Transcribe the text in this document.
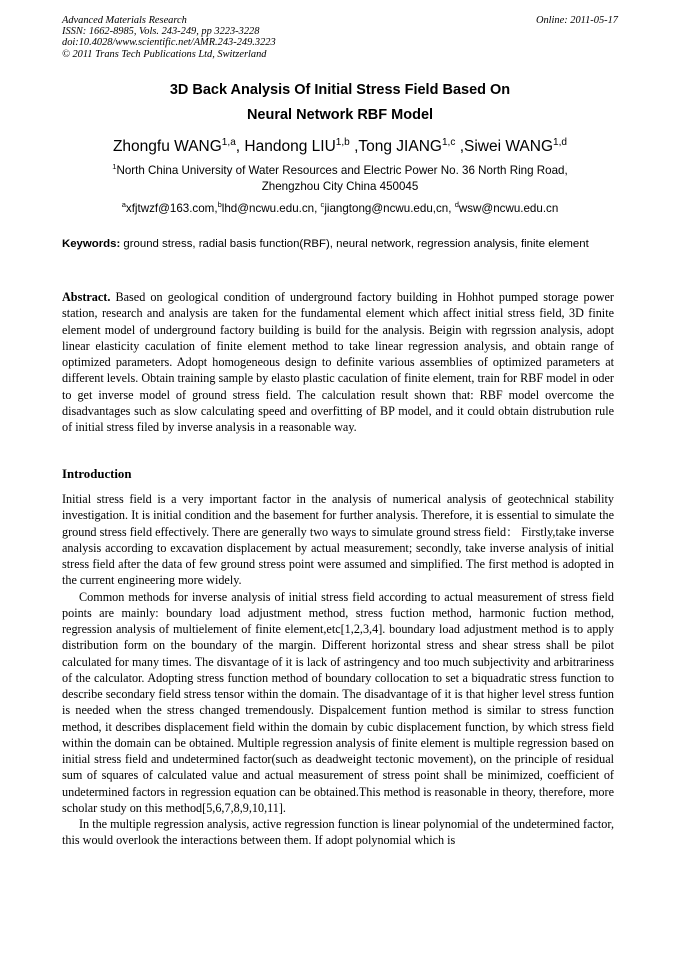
Advanced Materials Research
ISSN: 1662-8985, Vols. 243-249, pp 3223-3228
doi:10.4028/www.scientific.net/AMR.243-249.3223
© 2011 Trans Tech Publications Ltd, Switzerland
Online: 2011-05-17
3D Back Analysis Of Initial Stress Field Based On
Neural Network RBF Model
Zhongfu WANG$^{1,a}$, Handong LIU$^{1,b}$ ,Tong JIANG$^{1,c}$ ,Siwei WANG$^{1,d}$
$^1$North China University of Water Resources and Electric Power No. 36 North Ring Road,
Zhengzhou City China 450045
$^a$xfjtwzf@163.com,$^b$lhd@ncwu.edu.cn, $^c$jiangtong@ncwu.edu,cn, $^d$wsw@ncwu.edu.cn
Keywords: ground stress, radial basis function(RBF), neural network, regression analysis, finite element
Abstract. Based on geological condition of underground factory building in Hohhot pumped storage power station, research and analysis are taken for the fundamental element which affect initial stress field, 3D finite element model of underground factory building is build for the analysis. Beigin with regrssion analysis, adopt linear elasticity caculation of finite element method to take linear regression analysis, and obtain range of optimized parameters. Adopt homogeneous design to definite various assemblies of optimized parameters at different levels. Obtain training sample by elasto plastic caculation of finite element, train for RBF model in oder to get inverse model of ground stress field. The calculation result shown that: RBF model overcome the disadvantages such as slow calculating speed and overfitting of BP model, and it could obtain distrubution rule of initial stress filed by inverse analysis in a reasonable way.
Introduction

Initial stress field is a very important factor in the analysis of numerical analysis of geotechnical stability investigation. It is initial condition and the basement for further analysis. Therefore, it is essential to simulate the ground stress field effectively. There are generally two ways to simulate ground stress field： Firstly,take inverse analysis according to excavation displacement by actual measurement; secondly, take inverse analysis of initial stress field after the data of few ground stress point were assumed and simplified. The first method is adopted in the current engineering more widely.

Common methods for inverse analysis of initial stress field according to actual measurement of stress field points are mainly: boundary load adjustment method, stress fuction method, harmonic fuction method, regression analysis of multielement of finite element,etc[1,2,3,4]. boundary load adjustment method is to apply distribution form on the boundary of the margin. Different horizontal stress and shear stress shall be pilot calculated for many times. The disvantage of it is lack of astringency and too much subjectivity and arbitrariness of the calculator. Adopting stress function method of boundary collocation to set a biquadratic stress function to describe secondary field stress tensor within the domain. The disadvantage of it is that higher level stress funtion is needed when the stress changed tremendously. Dispalcement funtion method is similar to stress function method, it describes displacement field within the domain by cubic displacement function, by which stress field within the domain can be obtained. Multiple regression analysis of finite element is multiple regression based on initial stress field and undetermined factor(such as deadweight tectonic movement), on the principle of residual sum of squares of calculated value and actual measurement of stress point shall be minimized, coefficient of undetermined factors in regression equation can be obtained.This method is reasonable in theory, therefore, more scholar study on this method[5,6,7,8,9,10,11].

In the multiple regression analysis, active regression function is linear polynomial of the undetermined factor, this would overlook the interactions between them. If adopt polynomial which is
